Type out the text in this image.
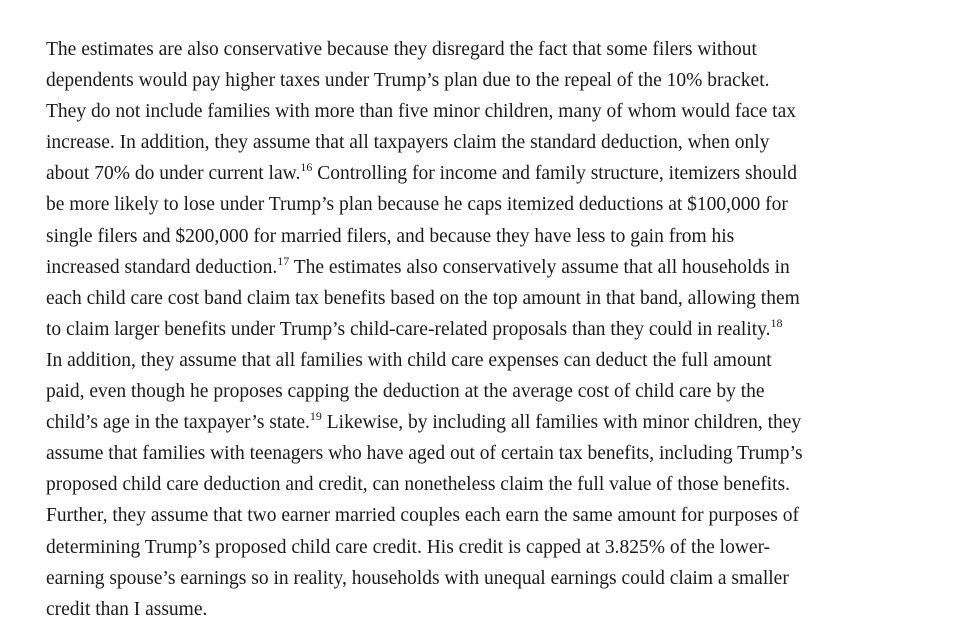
The estimates are also conservative because they disregard the fact that some filers without
dependents would pay higher taxes under Trump’s plan due to the repeal of the 10% bracket.
They do not include families with more than five minor children, many of whom would face tax
increase. In addition, they assume that all taxpayers claim the standard deduction, when only
about 70% do under current law.$^{16}$ Controlling for income and family structure, itemizers should
be more likely to lose under Trump’s plan because he caps itemized deductions at $100,000 for
single filers and $200,000 for married filers, and because they have less to gain from his
increased standard deduction.$^{17}$ The estimates also conservatively assume that all households in
each child care cost band claim tax benefits based on the top amount in that band, allowing them
to claim larger benefits under Trump’s child-care-related proposals than they could in reality.$^{18}$
In addition, they assume that all families with child care expenses can deduct the full amount
paid, even though he proposes capping the deduction at the average cost of child care by the
child’s age in the taxpayer’s state.$^{19}$ Likewise, by including all families with minor children, they
assume that families with teenagers who have aged out of certain tax benefits, including Trump’s
proposed child care deduction and credit, can nonetheless claim the full value of those benefits.
Further, they assume that two earner married couples each earn the same amount for purposes of
determining Trump’s proposed child care credit. His credit is capped at 3.825% of the lower-
earning spouse’s earnings so in reality, households with unequal earnings could claim a smaller
credit than I assume.
